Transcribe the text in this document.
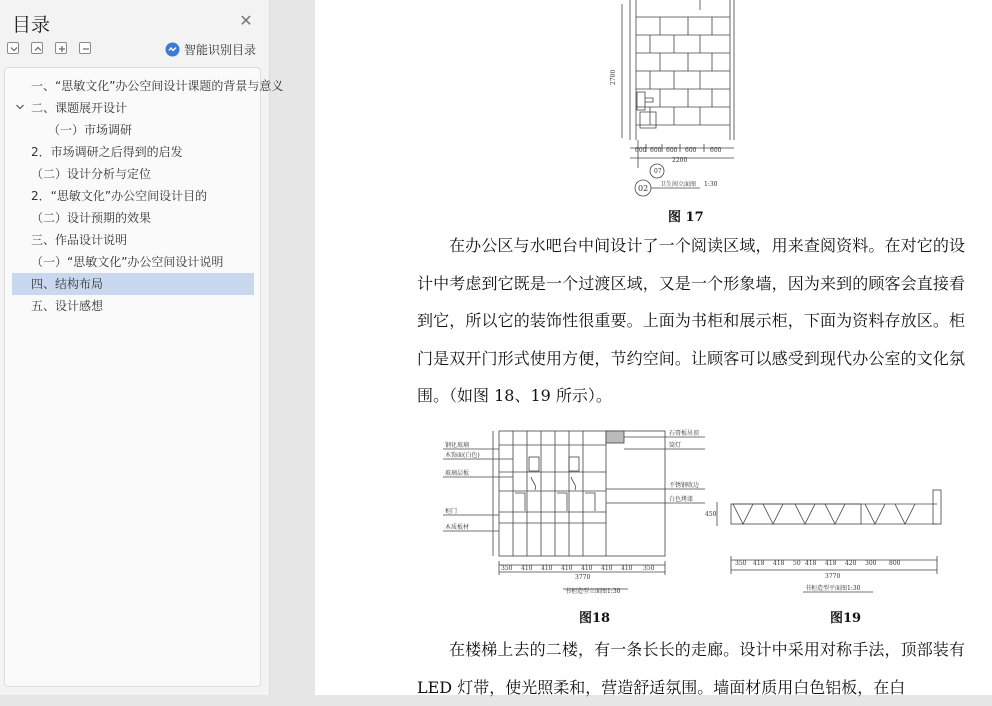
目录	✕
智能识别目录
一、“思敏文化”办公空间设计课题的背景与意义
二、课题展开设计
（一）市场调研
2．市场调研之后得到的启发
（二）设计分析与定位
2．“思敏文化”办公空间设计目的
（二）设计预期的效果
三、作品设计说明
（一）“思敏文化”办公空间设计说明
四、结构布局
五、设计感想
600 600 600 600 600
2200
2700
07
02 卫生间立面图 1:30
图 17
在办公区与水吧台中间设计了一个阅读区域，用来查阅资料。在对它的设计中考虑到它既是一个过渡区域，又是一个形象墙，因为来到的顾客会直接看到它，所以它的装饰性很重要。上面为书柜和展示柜，下面为资料存放区。柜门是双开门形式使用方便，节约空间。让顾客可以感受到现代办公室的文化氛围。（如图 18、19 所示）。
钢化玻璃
木饰面(白色)
玻璃层板
柜门
木质板材
石膏板吊顶
筒灯
不锈钢收边
白色烤漆
350 410 410 410 410 410 410 350
3770
书柜造型立面图1:30
图18
450
350 418 418 50 418 418 420 300 800
3770
书柜造型平面图1:30
图19
在楼梯上去的二楼，有一条长长的走廊。设计中采用对称手法，顶部装有 LED 灯带，使光照柔和，营造舒适氛围。墙面材质用白色铝板，在白
